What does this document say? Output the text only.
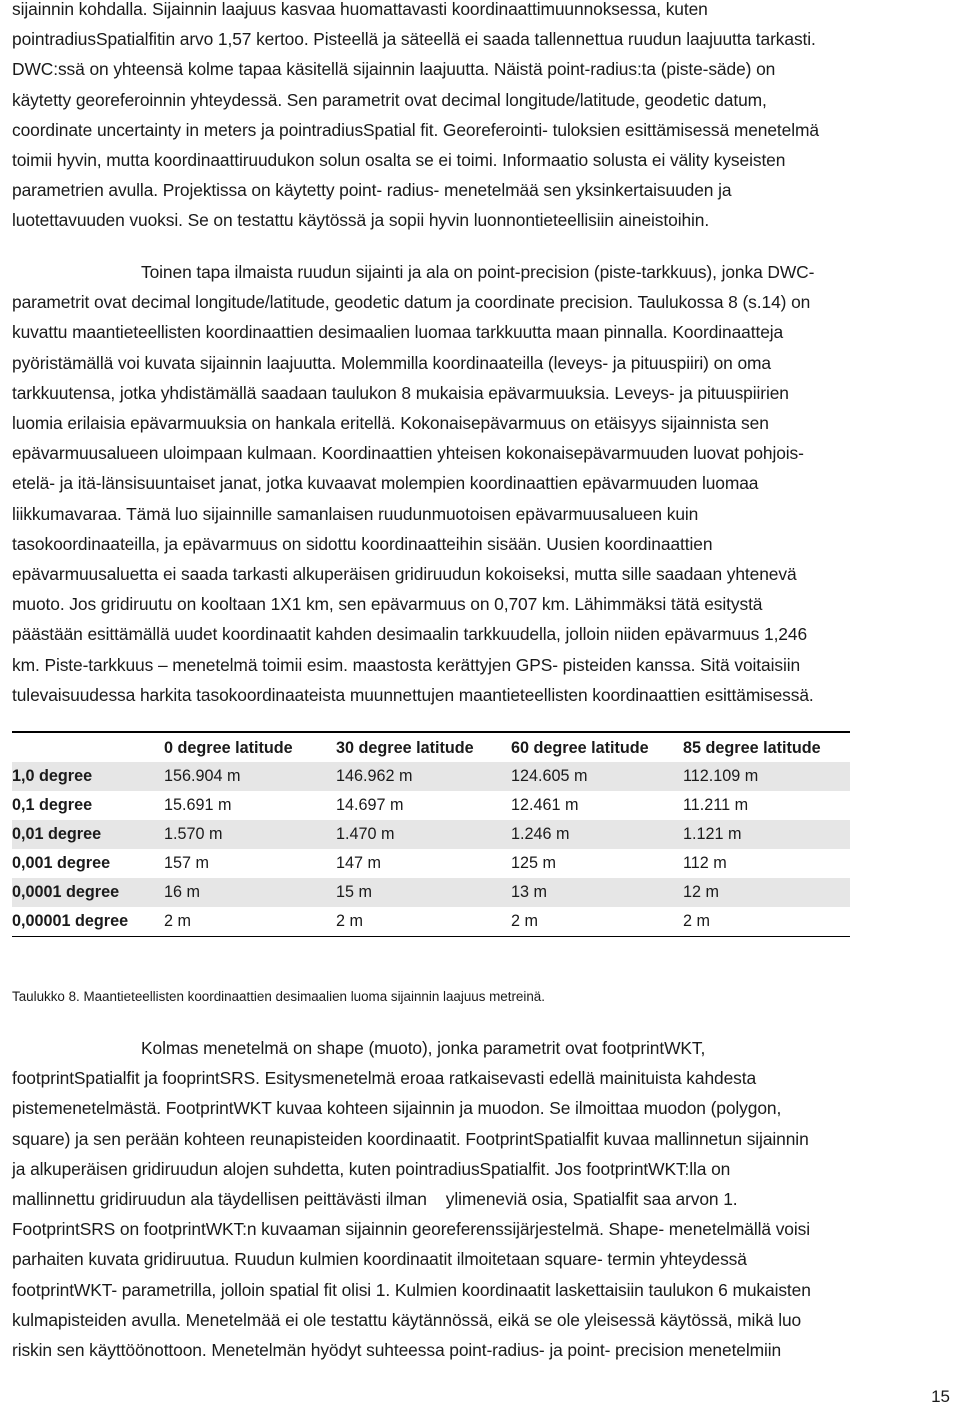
sijainnin kohdalla. Sijainnin laajuus kasvaa huomattavasti koordinaattimuunnoksessa, kuten
pointradiusSpatialfitin arvo 1,57 kertoo. Pisteellä ja säteellä ei saada tallennettua ruudun laajuutta tarkasti.
DWC:ssä on yhteensä kolme tapaa käsitellä sijainnin laajuutta. Näistä point-radius:ta (piste-säde) on
käytetty georeferoinnin yhteydessä. Sen parametrit ovat decimal longitude/latitude, geodetic datum,
coordinate uncertainty in meters ja pointradiusSpatial fit. Georeferointi- tuloksien esittämisessä menetelmä
toimii hyvin, mutta koordinaattiruudukon solun osalta se ei toimi. Informaatio solusta ei välity kyseisten
parametrien avulla. Projektissa on käytetty point- radius- menetelmää sen yksinkertaisuuden ja
luotettavuuden vuoksi. Se on testattu käytössä ja sopii hyvin luonnontieteellisiin aineistoihin.
Toinen tapa ilmaista ruudun sijainti ja ala on point-precision (piste-tarkkuus), jonka DWC-
parametrit ovat decimal longitude/latitude, geodetic datum ja coordinate precision. Taulukossa 8 (s.14) on
kuvattu maantieteellisten koordinaattien desimaalien luomaa tarkkuutta maan pinnalla. Koordinaatteja
pyöristämällä voi kuvata sijainnin laajuutta. Molemmilla koordinaateilla (leveys- ja pituuspiiri) on oma
tarkkuutensa, jotka yhdistämällä saadaan taulukon 8 mukaisia epävarmuuksia. Leveys- ja pituuspiirien
luomia erilaisia epävarmuuksia on hankala eritellä. Kokonaisepävarmuus on etäisyys sijainnista sen
epävarmuusalueen uloimpaan kulmaan. Koordinaattien yhteisen kokonaisepävarmuuden luovat pohjois-
etelä- ja itä-länsisuuntaiset janat, jotka kuvaavat molempien koordinaattien epävarmuuden luomaa
liikkumavaraa. Tämä luo sijainnille samanlaisen ruudunmuotoisen epävarmuusalueen kuin
tasokoordinaateilla, ja epävarmuus on sidottu koordinaatteihin sisään. Uusien koordinaattien
epävarmuusaluetta ei saada tarkasti alkuperäisen gridiruudun kokoiseksi, mutta sille saadaan yhtenevä
muoto. Jos gridiruutu on kooltaan 1X1 km, sen epävarmuus on 0,707 km. Lähimmäksi tätä esitystä
päästään esittämällä uudet koordinaatit kahden desimaalin tarkkuudella, jolloin niiden epävarmuus 1,246
km. Piste-tarkkuus – menetelmä toimii esim. maastosta kerättyjen GPS- pisteiden kanssa. Sitä voitaisiin
tulevaisuudessa harkita tasokoordinaateista muunnettujen maantieteellisten koordinaattien esittämisessä.
	0 degree latitude	30 degree latitude	60 degree latitude	85 degree latitude
1,0 degree	156.904 m	146.962 m	124.605 m	112.109 m
0,1 degree	15.691 m	14.697 m	12.461 m	11.211 m
0,01 degree	1.570 m	1.470 m	1.246 m	1.121 m
0,001 degree	157 m	147 m	125 m	112 m
0,0001 degree	16 m	15 m	13 m	12 m
0,00001 degree	2 m	2 m	2 m	2 m
Taulukko 8. Maantieteellisten koordinaattien desimaalien luoma sijainnin laajuus metreinä.
Kolmas menetelmä on shape (muoto), jonka parametrit ovat footprintWKT,
footprintSpatialfit ja fooprintSRS. Esitysmenetelmä eroaa ratkaisevasti edellä mainituista kahdesta
pistemenetelmästä. FootprintWKT kuvaa kohteen sijainnin ja muodon. Se ilmoittaa muodon (polygon,
square) ja sen perään kohteen reunapisteiden koordinaatit. FootprintSpatialfit kuvaa mallinnetun sijainnin
ja alkuperäisen gridiruudun alojen suhdetta, kuten pointradiusSpatialfit. Jos footprintWKT:lla on
mallinnettu gridiruudun ala täydellisen peittävästi ilman    ylimeneviä osia, Spatialfit saa arvon 1.
FootprintSRS on footprintWKT:n kuvaaman sijainnin georeferenssijärjestelmä. Shape- menetelmällä voisi
parhaiten kuvata gridiruutua. Ruudun kulmien koordinaatit ilmoitetaan square- termin yhteydessä
footprintWKT- parametrilla, jolloin spatial fit olisi 1. Kulmien koordinaatit laskettaisiin taulukon 6 mukaisten
kulmapisteiden avulla. Menetelmää ei ole testattu käytännössä, eikä se ole yleisessä käytössä, mikä luo
riskin sen käyttöönottoon. Menetelmän hyödyt suhteessa point-radius- ja point- precision menetelmiin
15
